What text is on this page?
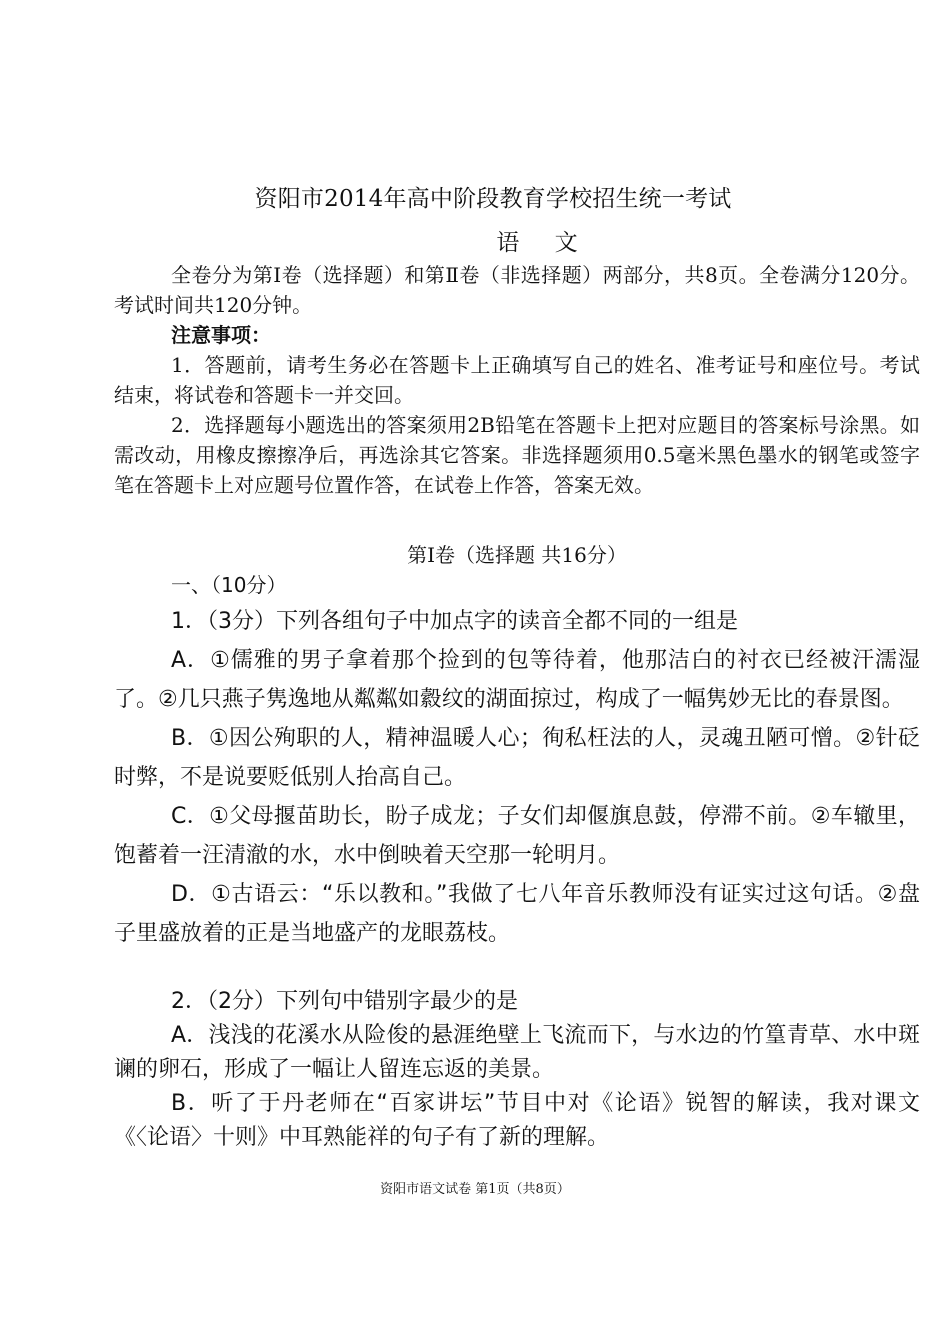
资阳市2014年高中阶段教育学校招生统一考试
语 文

全卷分为第Ⅰ卷（选择题）和第Ⅱ卷（非选择题）两部分，共8页。全卷满分120分。考试时间共120分钟。

注意事项：

1．答题前，请考生务必在答题卡上正确填写自己的姓名、准考证号和座位号。考试结束，将试卷和答题卡一并交回。

2．选择题每小题选出的答案须用2B铅笔在答题卡上把对应题目的答案标号涂黑。如需改动，用橡皮擦擦净后，再选涂其它答案。非选择题须用0.5毫米黑色墨水的钢笔或签字笔在答题卡上对应题号位置作答，在试卷上作答，答案无效。

第Ⅰ卷（选择题 共16分）

一、（10分）

1．（3分）下列各组句子中加点字的读音全都不同的一组是

A．①儒雅的男子拿着那个捡到的包等待着，他那洁白的衬衣已经被汗濡湿了。②几只燕子隽逸地从粼粼如縠纹的湖面掠过，构成了一幅隽妙无比的春景图。

B．①因公殉职的人，精神温暖人心；徇私枉法的人，灵魂丑陋可憎。②针砭时弊，不是说要贬低别人抬高自己。

C．①父母揠苗助长，盼子成龙；子女们却偃旗息鼓，停滞不前。②车辙里，饱蓄着一汪清澈的水，水中倒映着天空那一轮明月。

D．①古语云：“乐以教和。”我做了七八年音乐教师没有证实过这句话。②盘子里盛放着的正是当地盛产的龙眼荔枝。

2．（2分）下列句中错别字最少的是

A．浅浅的花溪水从险俊的悬涯绝壁上飞流而下，与水边的竹篁青草、水中斑谰的卵石，形成了一幅让人留连忘返的美景。

B．听了于丹老师在“百家讲坛”节目中对《论语》锐智的解读，我对课文《〈论语〉十则》中耳熟能祥的句子有了新的理解。

资阳市语文试卷 第1页（共8页）
